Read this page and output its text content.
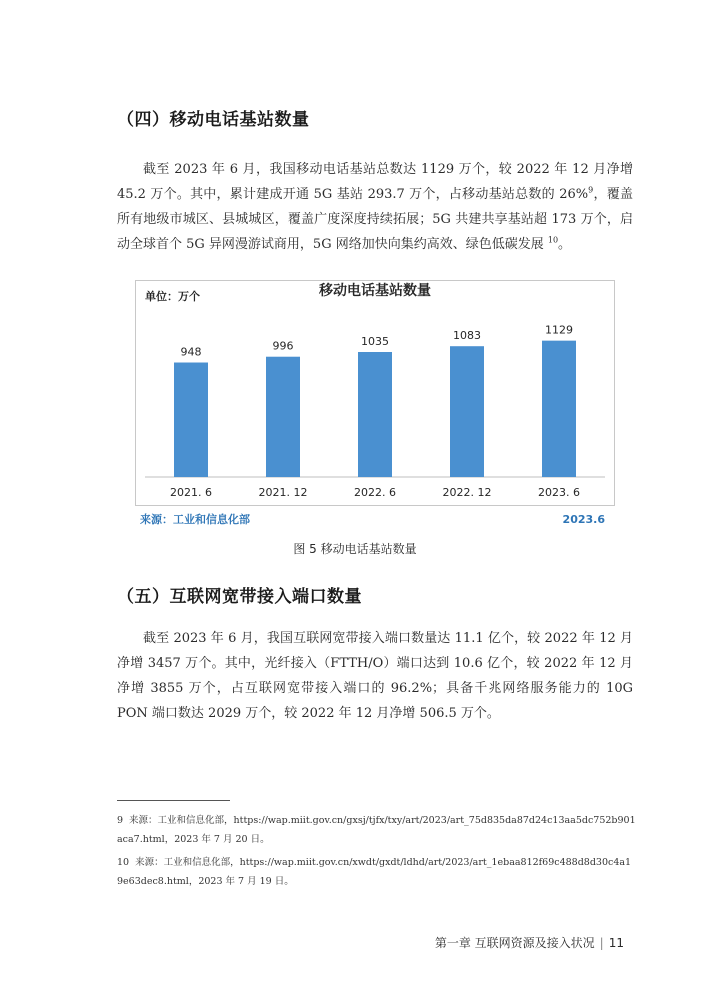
（四）移动电话基站数量

截至 2023 年 6 月，我国移动电话基站总数达 1129 万个，较 2022 年 12 月净增 45.2 万个。其中，累计建成开通 5G 基站 293.7 万个，占移动基站总数的 26%$^9$，覆盖所有地级市城区、县城城区，覆盖广度深度持续拓展；5G 共建共享基站超 173 万个，启动全球首个 5G 异网漫游试商用，5G 网络加快向集约高效、绿色低碳发展 $^{10}$。

移动电话基站数量
单位：万个
948
2021. 6
996
2021. 12
1035
2022. 6
1083
2022. 12
1129
2023. 6
来源：工业和信息化部	2023.6
图 5 移动电话基站数量
（五）互联网宽带接入端口数量

截至 2023 年 6 月，我国互联网宽带接入端口数量达 11.1 亿个，较 2022 年 12 月净增 3457 万个。其中，光纤接入（FTTH/O）端口达到 10.6 亿个，较 2022 年 12 月净增 3855 万个，占互联网宽带接入端口的 96.2%；具备千兆网络服务能力的 10G PON 端口数达 2029 万个，较 2022 年 12 月净增 506.5 万个。

9 来源：工业和信息化部，https://wap.miit.gov.cn/gxsj/tjfx/txy/art/2023/art_75d835da87d24c13aa5dc752b901aca7.html，2023 年 7 月 20 日。

10 来源：工业和信息化部，https://wap.miit.gov.cn/xwdt/gxdt/ldhd/art/2023/art_1ebaa812f69c488d8d30c4a19e63dec8.html，2023 年 7 月 19 日。

第一章 互联网资源及接入状况 | 11
